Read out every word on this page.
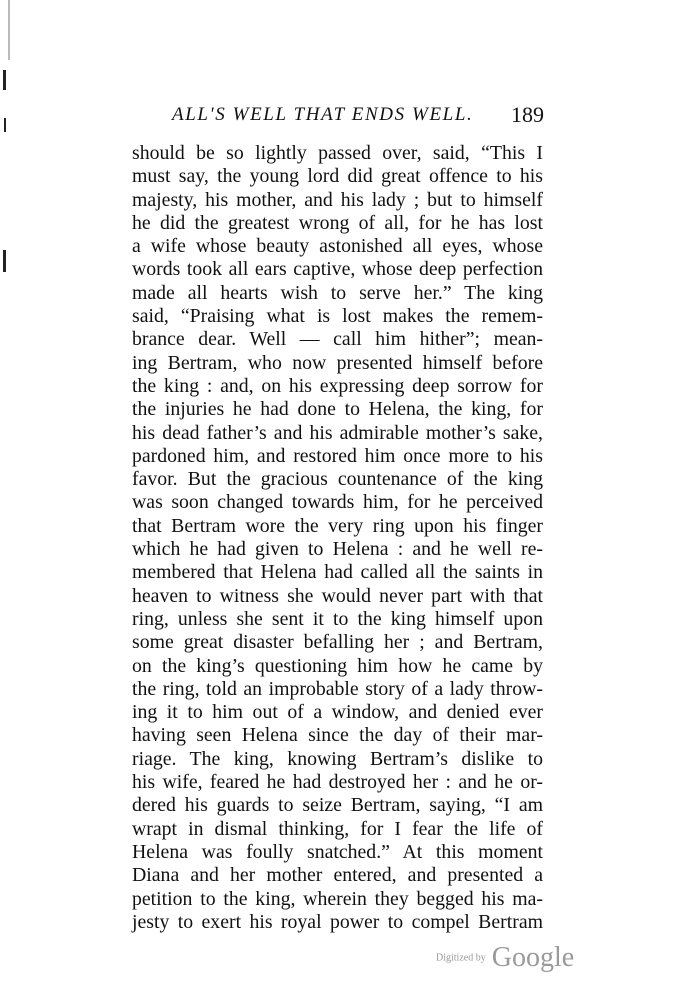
ALL'S WELL THAT ENDS WELL. 189
should be so lightly passed over, said, “This I
must say, the young lord did great offence to his
majesty, his mother, and his lady ; but to himself
he did the greatest wrong of all, for he has lost
a wife whose beauty astonished all eyes, whose
words took all ears captive, whose deep perfection
made all hearts wish to serve her.” The king
said, “Praising what is lost makes the remem-
brance dear. Well — call him hither”; mean-
ing Bertram, who now presented himself before
the king : and, on his expressing deep sorrow for
the injuries he had done to Helena, the king, for
his dead father’s and his admirable mother’s sake,
pardoned him, and restored him once more to his
favor. But the gracious countenance of the king
was soon changed towards him, for he perceived
that Bertram wore the very ring upon his finger
which he had given to Helena : and he well re-
membered that Helena had called all the saints in
heaven to witness she would never part with that
ring, unless she sent it to the king himself upon
some great disaster befalling her ; and Bertram,
on the king’s questioning him how he came by
the ring, told an improbable story of a lady throw-
ing it to him out of a window, and denied ever
having seen Helena since the day of their mar-
riage. The king, knowing Bertram’s dislike to
his wife, feared he had destroyed her : and he or-
dered his guards to seize Bertram, saying, “I am
wrapt in dismal thinking, for I fear the life of
Helena was foully snatched.” At this moment
Diana and her mother entered, and presented a
petition to the king, wherein they begged his ma-
jesty to exert his royal power to compel Bertram
Digitized by Google
